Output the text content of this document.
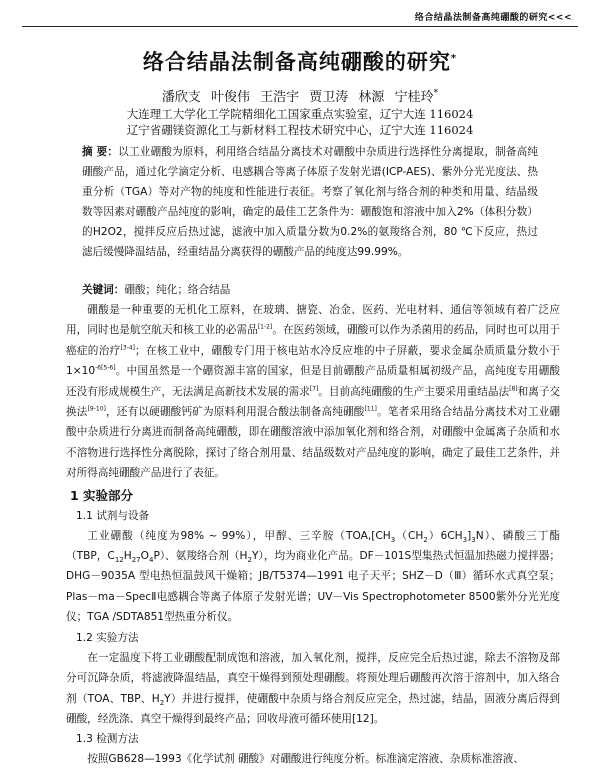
络合结晶法制备高纯硼酸的研究<<<
络合结晶法制备高纯硼酸的研究*
潘欣支 叶俊伟 王浩宇 贾卫涛 林源 宁桂玲*
大连理工大学化工学院精细化工国家重点实验室，辽宁大连 116024
辽宁省硼镁资源化工与新材料工程技术研究中心，辽宁大连 116024
摘 要：以工业硼酸为原料，利用络合结晶分离技术对硼酸中杂质进行选择性分离提取，制备高纯硼酸产品，通过化学滴定分析、电感耦合等离子体原子发射光谱(ICP-AES)、紫外分光光度法、热重分析（TGA）等对产物的纯度和性能进行表征。考察了氧化剂与络合剂的种类和用量、结晶级数等因素对硼酸产品纯度的影响，确定的最佳工艺条件为：硼酸饱和溶液中加入2%（体积分数）的H2O2，搅拌反应后热过滤，滤液中加入质量分数为0.2%的氨羧络合剂，80 ℃下反应，热过滤后缓慢降温结晶，经重结晶分离获得的硼酸产品的纯度达99.99%。
关键词：硼酸；纯化；络合结晶

硼酸是一种重要的无机化工原料，在玻璃、搪瓷、冶金、医药、光电材料、通信等领域有着广泛应用，同时也是航空航天和核工业的必需品[1-2]。在医药领域，硼酸可以作为杀菌用的药品，同时也可以用于癌症的治疗[3-4]；在核工业中，硼酸专门用于核电站水冷反应堆的中子屏蔽，要求金属杂质质量分数小于$1\times 10^{-6[5-6]}$。中国虽然是一个硼资源丰富的国家，但是目前硼酸产品质量相属初级产品，高纯度专用硼酸还没有形成规模生产，无法满足高新技术发展的需求[7]。目前高纯硼酸的生产主要采用重结晶法[8]和离子交换法[9-10]，还有以硬硼酸钙矿为原料利用混合酸法制备高纯硼酸[11]。笔者采用络合结晶分离技术对工业硼酸中杂质进行分离进而制备高纯硼酸，即在硼酸溶液中添加氧化剂和络合剂，对硼酸中金属离子杂质和水不溶物进行选择性分离脱除，探讨了络合剂用量、结晶级数对产品纯度的影响，确定了最佳工艺条件，并对所得高纯硼酸产品进行了表征。

1 实验部分
1.1 试剂与设备

工业硼酸（纯度为98% ~ 99%），甲醇、三辛胺$(TOA,[CH_3(CH_2)6CH_3]_3N)$、磷酸三丁酯（TBP，$C_{12}H_{27}O_4P$）、氨羧络合剂$(H_2Y)$，均为商业化产品。DF－101S型集热式恒温加热磁力搅拌器；DHG－9035A 型电热恒温鼓风干燥箱；JB/T5374—1991 电子天平；SHZ－D（Ⅲ）循环水式真空泵；Plas－ma－SpecⅡ电感耦合等离子体原子发射光谱；UV－Vis Spectrophotometer 8500紫外分光光度仪；TGA /SDTA851型热重分析仪。

1.2 实验方法

在一定温度下将工业硼酸配制成饱和溶液，加入氧化剂，搅拌，反应完全后热过滤，除去不溶物及部分可沉降杂质，将滤液降温结晶，真空干燥得到预处理硼酸。将预处理后硼酸再次溶于溶剂中，加入络合剂（TOA、TBP、$H_2Y$）并进行搅拌，使硼酸中杂质与络合剂反应完全，热过滤，结晶，固液分离后得到硼酸，经洗涤、真空干燥得到最终产品；回收母液可循环使用[12]。

1.3 检测方法

按照GB628—1993《化学试剂 硼酸》对硼酸进行纯度分析。标准滴定溶液、杂质标准溶液、
